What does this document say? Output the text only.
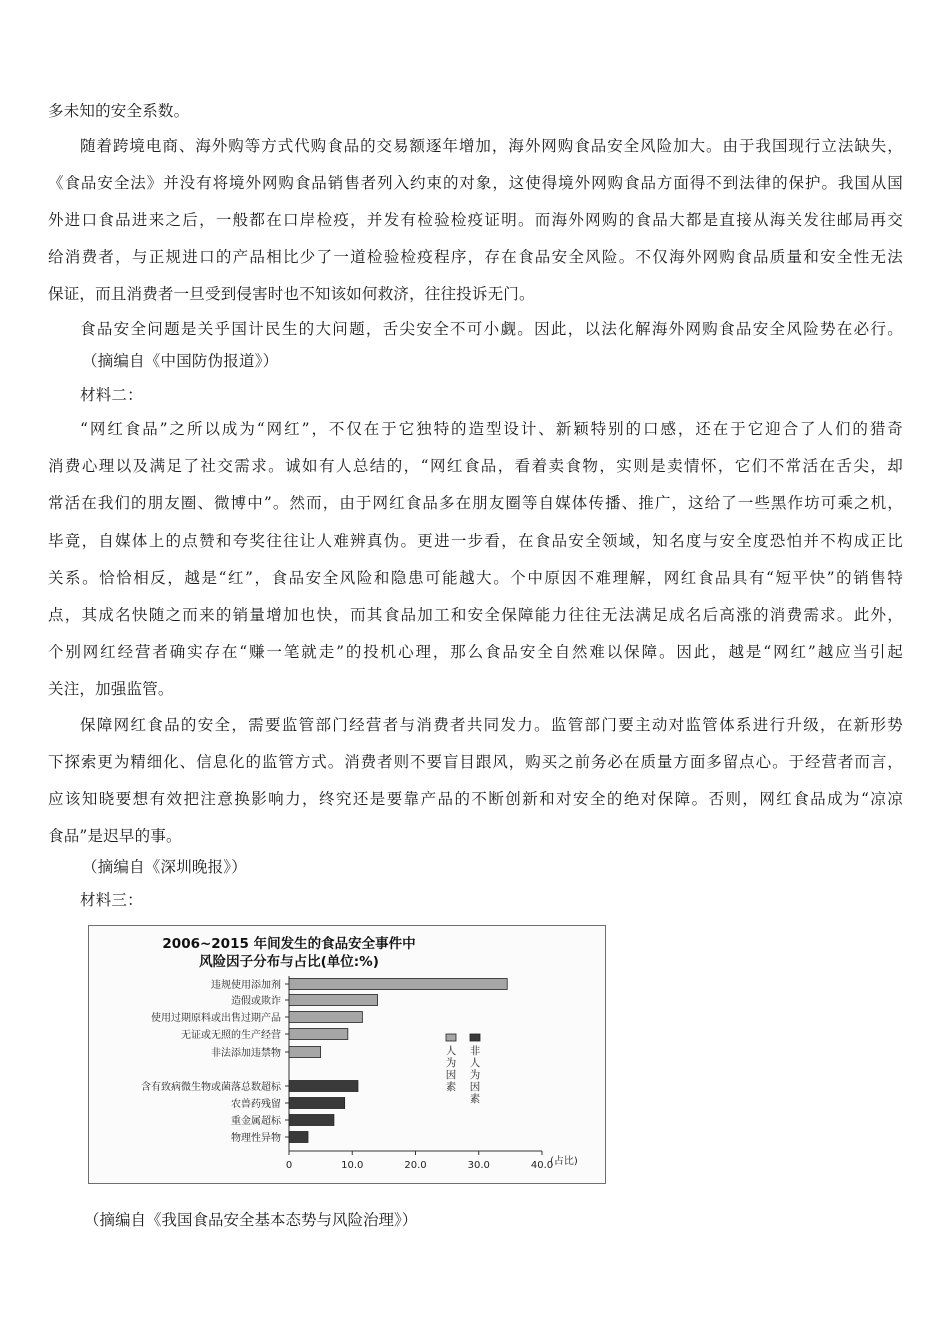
多未知的安全系数。
随着跨境电商、海外购等方式代购食品的交易额逐年增加，海外网购食品安全风险加大。由于我国现行立法缺失，
《食品安全法》并没有将境外网购食品销售者列入约束的对象，这使得境外网购食品方面得不到法律的保护。我国从国
外进口食品进来之后，一般都在口岸检疫，并发有检验检疫证明。而海外网购的食品大都是直接从海关发往邮局再交
给消费者，与正规进口的产品相比少了一道检验检疫程序，存在食品安全风险。不仅海外网购食品质量和安全性无法
保证，而且消费者一旦受到侵害时也不知该如何救济，往往投诉无门。
食品安全问题是关乎国计民生的大问题，舌尖安全不可小觑。因此，以法化解海外网购食品安全风险势在必行。
（摘编自《中国防伪报道》）
材料二：
“网红食品”之所以成为“网红”，不仅在于它独特的造型设计、新颖特别的口感，还在于它迎合了人们的猎奇
消费心理以及满足了社交需求。诚如有人总结的，“网红食品，看着卖食物，实则是卖情怀，它们不常活在舌尖，却
常活在我们的朋友圈、微博中”。然而，由于网红食品多在朋友圈等自媒体传播、推广，这给了一些黑作坊可乘之机，
毕竟，自媒体上的点赞和夸奖往往让人难辨真伪。更进一步看，在食品安全领域，知名度与安全度恐怕并不构成正比
关系。恰恰相反，越是“红”，食品安全风险和隐患可能越大。个中原因不难理解，网红食品具有“短平快”的销售特
点，其成名快随之而来的销量增加也快，而其食品加工和安全保障能力往往无法满足成名后高涨的消费需求。此外，
个别网红经营者确实存在“赚一笔就走”的投机心理，那么食品安全自然难以保障。因此，越是“网红”越应当引起
关注，加强监管。
保障网红食品的安全，需要监管部门经营者与消费者共同发力。监管部门要主动对监管体系进行升级，在新形势
下探索更为精细化、信息化的监管方式。消费者则不要盲目跟风，购买之前务必在质量方面多留点心。于经营者而言，
应该知晓要想有效把注意换影响力，终究还是要靠产品的不断创新和对安全的绝对保障。否则，网红食品成为“凉凉
食品”是迟早的事。
（摘编自《深圳晚报》）
材料三：
2006~2015 年间发生的食品安全事件中
风险因子分布与占比(单位:%)
违规使用添加剂
造假或欺诈
使用过期原料或出售过期产品
无证或无照的生产经营
非法添加违禁物
含有致病微生物或菌落总数超标
农兽药残留
重金属超标
物理性异物
0	10.0	20.0	30.0	40.0
(占比)
人为因素
非人为因素
（摘编自《我国食品安全基本态势与风险治理》）
